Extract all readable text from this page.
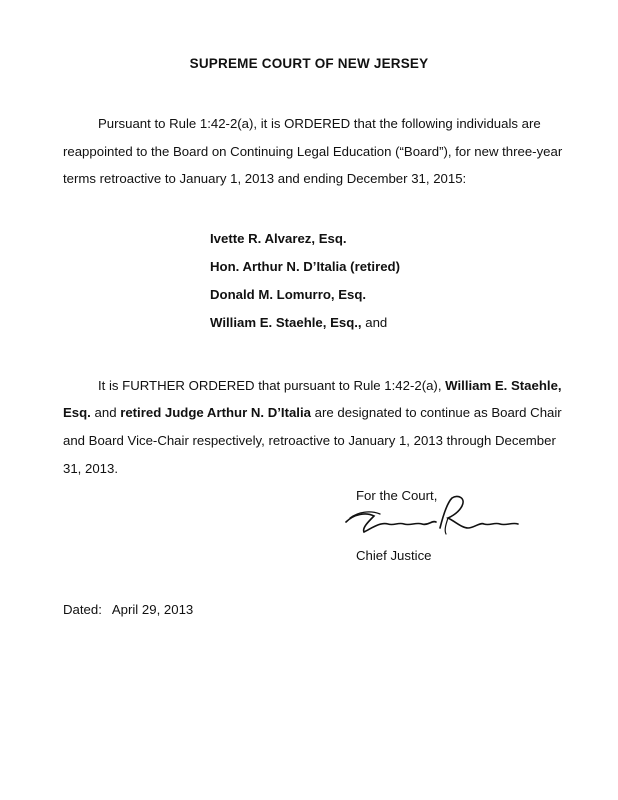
SUPREME COURT OF NEW JERSEY
Pursuant to Rule 1:42-2(a), it is ORDERED that the following individuals are
reappointed to the Board on Continuing Legal Education (“Board”), for new three-year
terms retroactive to January 1, 2013 and ending December 31, 2015:
Ivette R. Alvarez, Esq.
Hon. Arthur N. D’Italia (retired)
Donald M. Lomurro, Esq.
William E. Staehle, Esq., and
It is FURTHER ORDERED that pursuant to Rule 1:42-2(a), William E. Staehle,
Esq. and retired Judge Arthur N. D’Italia are designated to continue as Board Chair
and Board Vice-Chair respectively, retroactive to January 1, 2013 through December
31, 2013.
For the Court,
Chief Justice
Dated: April 29, 2013
